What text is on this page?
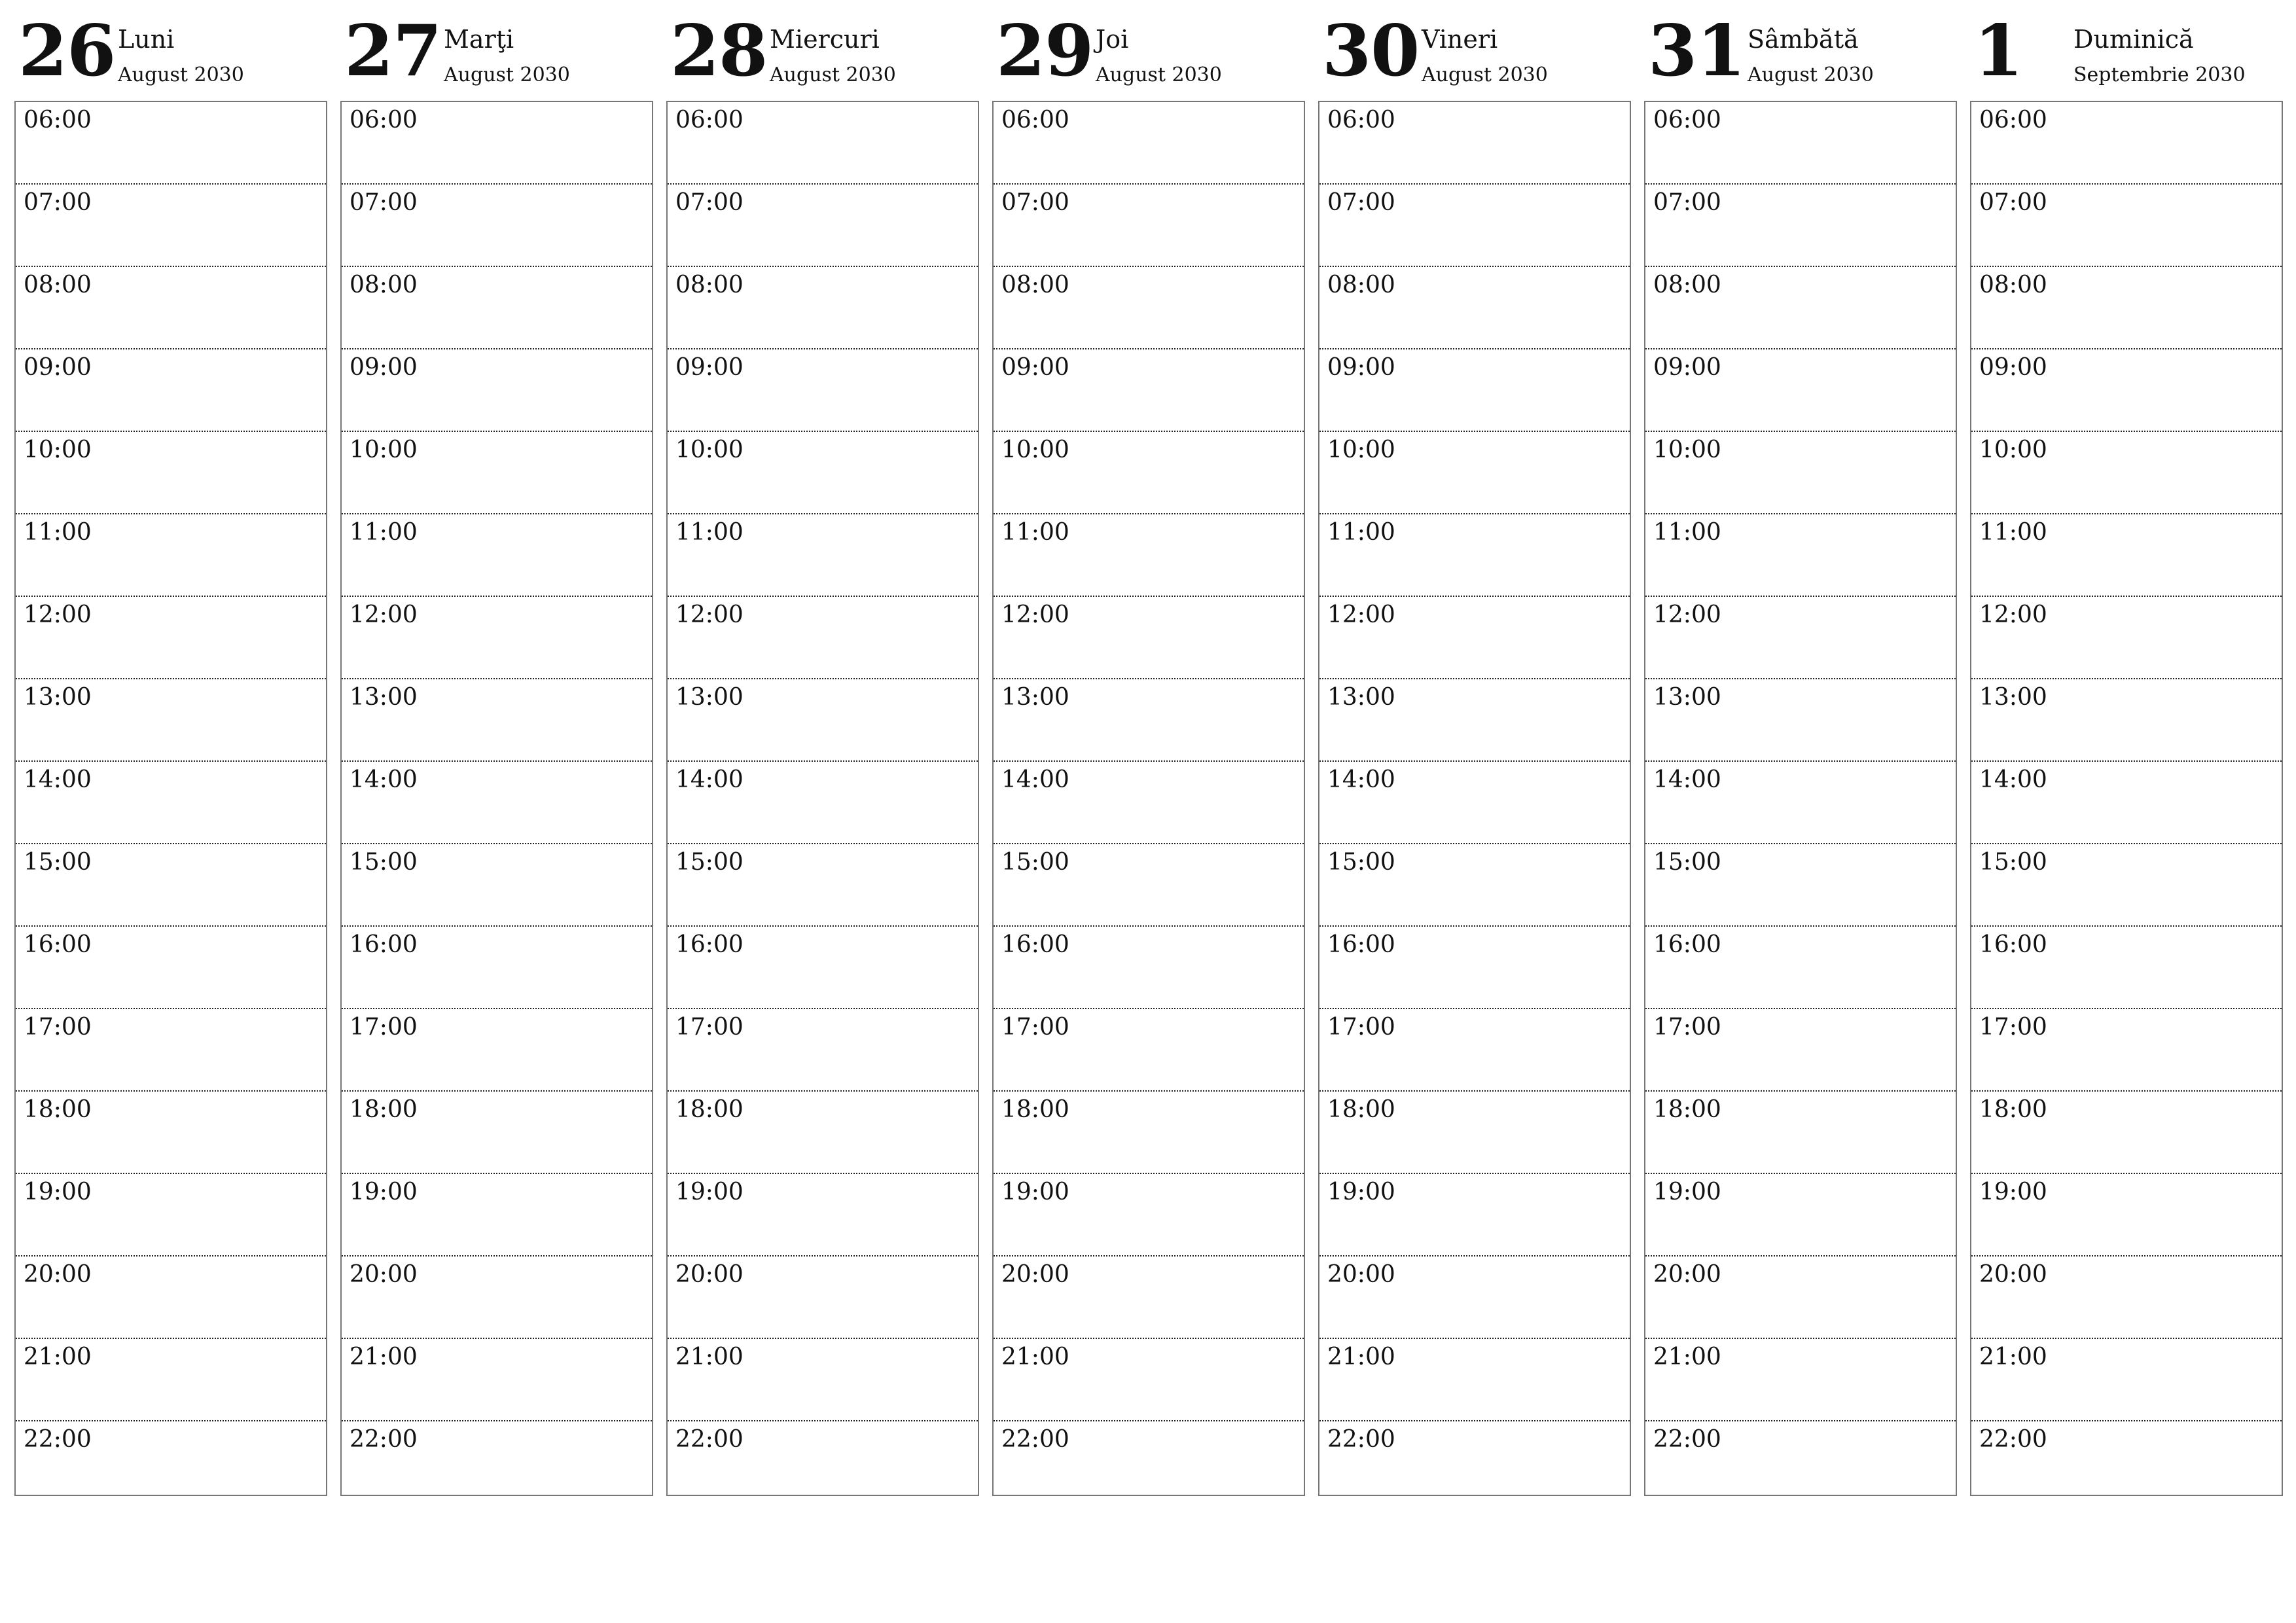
26 Luni
August 2030
06:00
07:00
08:00
09:00
10:00
11:00
12:00
13:00
14:00
15:00
16:00
17:00
18:00
19:00
20:00
21:00
22:00
27 Marţi
August 2030
06:00
07:00
08:00
09:00
10:00
11:00
12:00
13:00
14:00
15:00
16:00
17:00
18:00
19:00
20:00
21:00
22:00
28 Miercuri
August 2030
06:00
07:00
08:00
09:00
10:00
11:00
12:00
13:00
14:00
15:00
16:00
17:00
18:00
19:00
20:00
21:00
22:00
29 Joi
August 2030
06:00
07:00
08:00
09:00
10:00
11:00
12:00
13:00
14:00
15:00
16:00
17:00
18:00
19:00
20:00
21:00
22:00
30 Vineri
August 2030
06:00
07:00
08:00
09:00
10:00
11:00
12:00
13:00
14:00
15:00
16:00
17:00
18:00
19:00
20:00
21:00
22:00
31 Sâmbătă
August 2030
06:00
07:00
08:00
09:00
10:00
11:00
12:00
13:00
14:00
15:00
16:00
17:00
18:00
19:00
20:00
21:00
22:00
1 Duminică
Septembrie 2030
06:00
07:00
08:00
09:00
10:00
11:00
12:00
13:00
14:00
15:00
16:00
17:00
18:00
19:00
20:00
21:00
22:00
